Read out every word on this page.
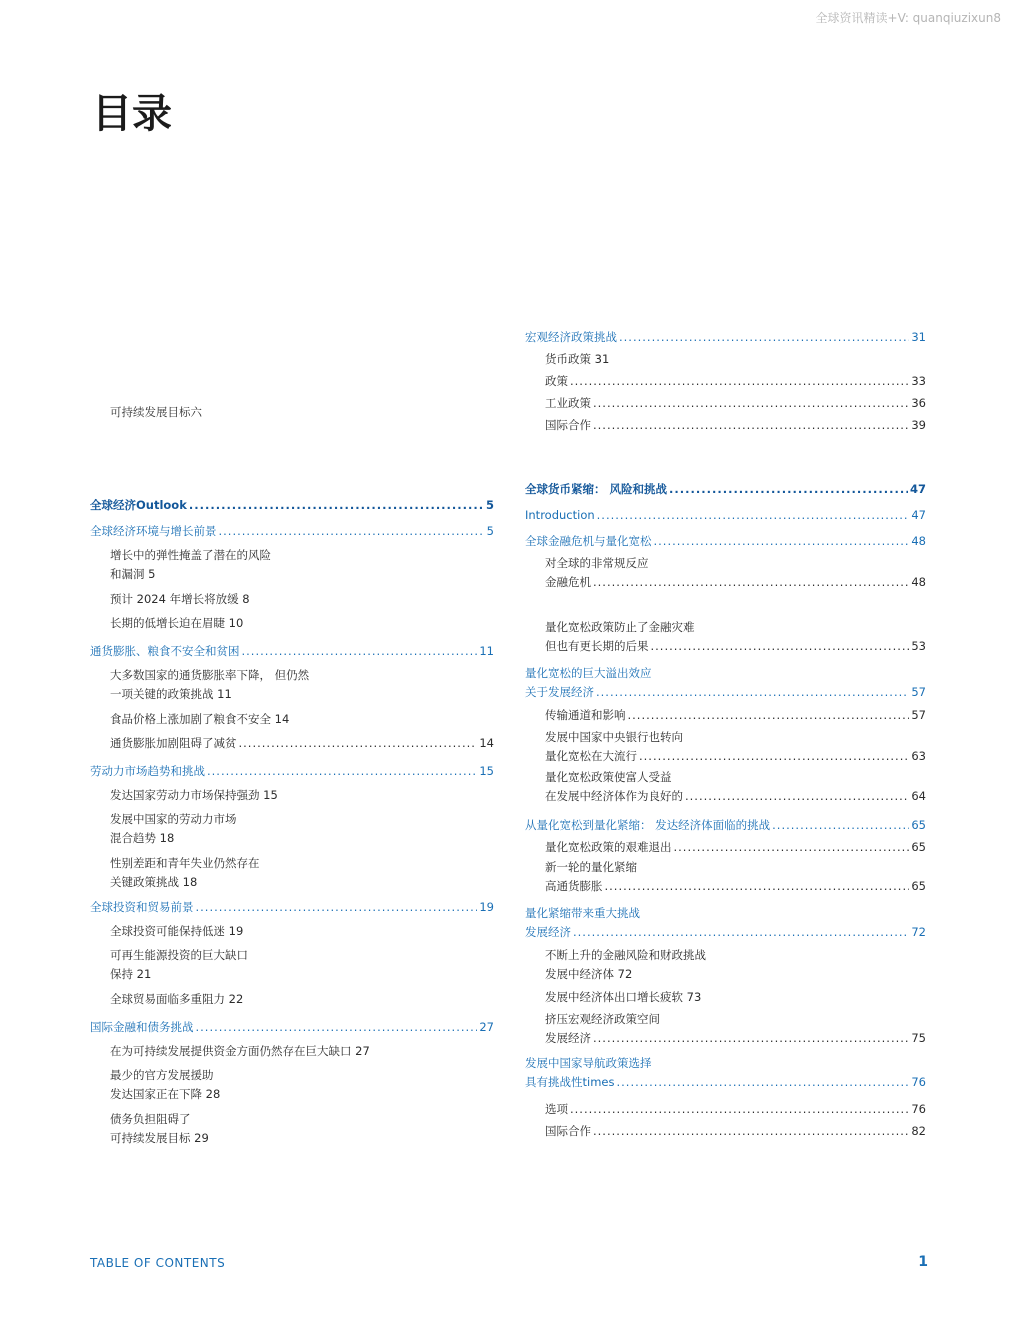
全球资讯精读+V: quanqiuzixun8
目录
可持续发展目标六
全球经济Outlook .....	5
全球经济环境与增长前景 .....	5
增长中的弹性掩盖了潜在的风险
和漏洞 5
预计 2024 年增长将放缓 8
长期的低增长迫在眉睫 10
通货膨胀、粮食不安全和贫困 .....	11
大多数国家的通货膨胀率下降， 但仍然
一项关键的政策挑战 11
食品价格上涨加剧了粮食不安全 14
通货膨胀加剧阻碍了减贫 .....	14
劳动力市场趋势和挑战 .....	15
发达国家劳动力市场保持强劲 15
发展中国家的劳动力市场
混合趋势 18
性别差距和青年失业仍然存在
关键政策挑战 18
全球投资和贸易前景 .....	19
全球投资可能保持低迷 19
可再生能源投资的巨大缺口
保持 21
全球贸易面临多重阻力 22
国际金融和债务挑战 .....	27
在为可持续发展提供资金方面仍然存在巨大缺口 27
最少的官方发展援助
发达国家正在下降 28
债务负担阻碍了
可持续发展目标 29
宏观经济政策挑战 .....	31
货币政策 31
政策 .....	33
工业政策 .....	36
国际合作 .....	39
全球货币紧缩： 风险和挑战 .....	47
Introduction .....	47
全球金融危机与量化宽松 .....	48
对全球的非常规反应
金融危机 .....	48
量化宽松政策防止了金融灾难
但也有更长期的后果 .....	53
量化宽松的巨大溢出效应
关于发展经济 .....	57
传输通道和影响 .....	57
发展中国家中央银行也转向
量化宽松在大流行 .....	63
量化宽松政策使富人受益
在发展中经济体作为良好的 .....	64
从量化宽松到量化紧缩： 发达经济体面临的挑战 .....	65
量化宽松政策的艰难退出 .....	65
新一轮的量化紧缩
高通货膨胀 .....	65
量化紧缩带来重大挑战
发展经济 .....	72
不断上升的金融风险和财政挑战
发展中经济体 72
发展中经济体出口增长疲软 73
挤压宏观经济政策空间
发展经济 .....	75
发展中国家导航政策选择
具有挑战性times .....	76
选项 .....	76
国际合作 .....	82
TABLE OF CONTENTS	1
